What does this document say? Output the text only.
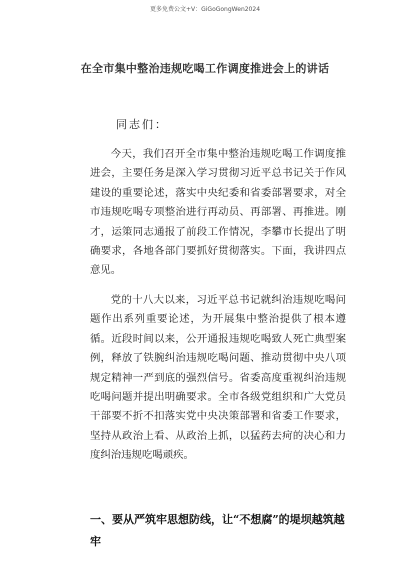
更多免费公文+V：GiGoGongWen2024
在全市集中整治违规吃喝工作调度推进会上的讲话
同志们：

今天，我们召开全市集中整治违规吃喝工作调度推进会，主要任务是深入学习贯彻习近平总书记关于作风建设的重要论述，落实中央纪委和省委部署要求，对全市违规吃喝专项整治进行再动员、再部署、再推进。刚才，运策同志通报了前段工作情况，李攀市长提出了明确要求，各地各部门要抓好贯彻落实。下面，我讲四点意见。

党的十八大以来，习近平总书记就纠治违规吃喝问题作出系列重要论述，为开展集中整治提供了根本遵循。近段时间以来，公开通报违规吃喝致人死亡典型案例，释放了铁腕纠治违规吃喝问题、推动贯彻中央八项规定精神一严到底的强烈信号。省委高度重视纠治违规吃喝问题并提出明确要求。全市各级党组织和广大党员干部要不折不扣落实党中央决策部署和省委工作要求，坚持从政治上看、从政治上抓，以猛药去疴的决心和力度纠治违规吃喝顽疾。

一、要从严筑牢思想防线，让“不想腐”的堤坝越筑越牢
